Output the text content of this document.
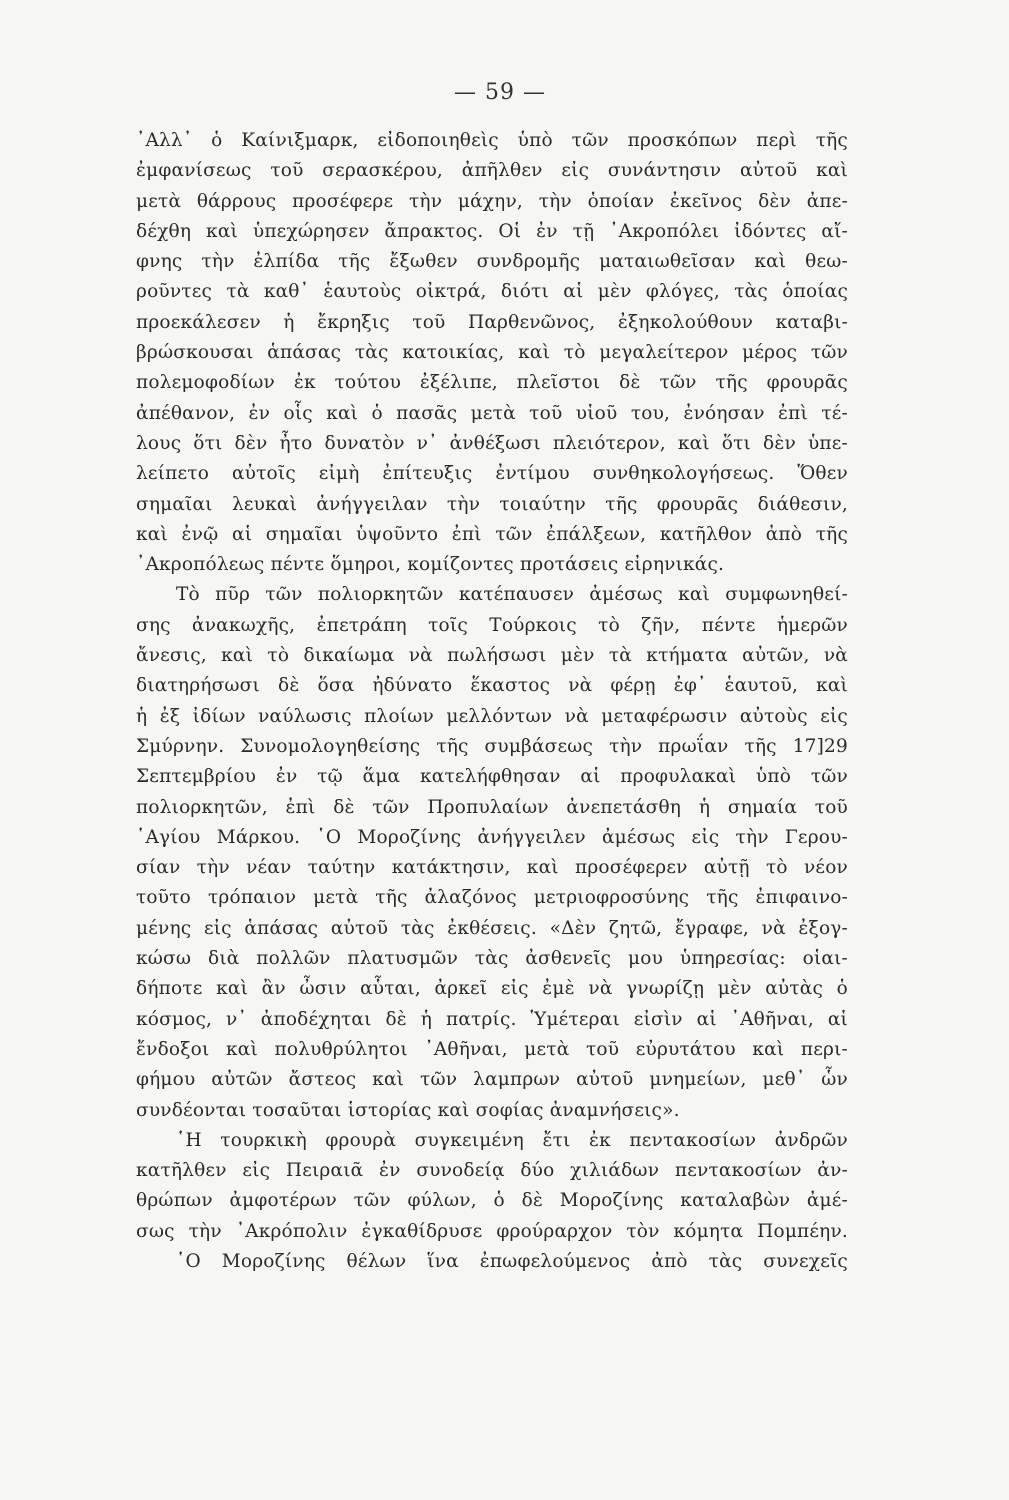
— 59 —
᾿Αλλ᾿ ὁ Καίνιξμαρκ, εἰδοποιηθεὶς ὑπὸ τῶν προσκόπων περὶ τῆς
ἐμφανίσεως τοῦ σερασκέρου, ἀπῆλθεν εἰς συνάντησιν αὐτοῦ καὶ
μετὰ θάρρους προσέφερε τὴν μάχην, τὴν ὁποίαν ἐκεῖνος δὲν ἀπε-
δέχθη καὶ ὑπεχώρησεν ἄπρακτος. Οἱ ἐν τῇ ᾿Ακροπόλει ἰδόντες αἴ-
φνης τὴν ἐλπίδα τῆς ἔξωθεν συνδρομῆς ματαιωθεῖσαν καὶ θεω-
ροῦντες τὰ καθ᾿ ἑαυτοὺς οἰκτρά, διότι αἱ μὲν φλόγες, τὰς ὁποίας
προεκάλεσεν ἡ ἔκρηξις τοῦ Παρθενῶνος, ἐξηκολούθουν καταβι-
βρώσκουσαι ἁπάσας τὰς κατοικίας, καὶ τὸ μεγαλείτερον μέρος τῶν
πολεμοφοδίων ἐκ τούτου ἐξέλιπε, πλεῖστοι δὲ τῶν τῆς φρουρᾶς
ἀπέθανον, ἐν οἷς καὶ ὁ πασᾶς μετὰ τοῦ υἱοῦ του, ἐνόησαν ἐπὶ τέ-
λους ὅτι δὲν ἦτο δυνατὸν ν᾿ ἀνθέξωσι πλειότερον, καὶ ὅτι δὲν ὑπε-
λείπετο αὐτοῖς εἰμὴ ἐπίτευξις ἐντίμου συνθηκολογήσεως. Ὅθεν
σημαῖαι λευκαὶ ἀνήγγειλαν τὴν τοιαύτην τῆς φρουρᾶς διάθεσιν,
καὶ ἐνῷ αἱ σημαῖαι ὑψοῦντο ἐπὶ τῶν ἐπάλξεων, κατῆλθον ἀπὸ τῆς
᾿Ακροπόλεως πέντε ὅμηροι, κομίζοντες προτάσεις εἰρηνικάς.
Τὸ πῦρ τῶν πολιορκητῶν κατέπαυσεν ἀμέσως καὶ συμφωνηθεί-
σης ἀνακωχῆς, ἐπετράπη τοῖς Τούρκοις τὸ ζῆν, πέντε ἡμερῶν
ἄνεσις, καὶ τὸ δικαίωμα νὰ πωλήσωσι μὲν τὰ κτήματα αὐτῶν, νὰ
διατηρήσωσι δὲ ὅσα ἠδύνατο ἕκαστος νὰ φέρῃ ἐφ᾿ ἑαυτοῦ, καὶ
ἡ ἐξ ἰδίων ναύλωσις πλοίων μελλόντων νὰ μεταφέρωσιν αὐτοὺς εἰς
Σμύρνην. Συνομολογηθείσης τῆς συμβάσεως τὴν πρωΐαν τῆς 17]29
Σεπτεμβρίου ἐν τῷ ἅμα κατελήφθησαν αἱ προφυλακαὶ ὑπὸ τῶν
πολιορκητῶν, ἐπὶ δὲ τῶν Προπυλαίων ἀνεπετάσθη ἡ σημαία τοῦ
῾Αγίου Μάρκου. ῾Ο Μοροζίνης ἀνήγγειλεν ἀμέσως εἰς τὴν Γερου-
σίαν τὴν νέαν ταύτην κατάκτησιν, καὶ προσέφερεν αὐτῇ τὸ νέον
τοῦτο τρόπαιον μετὰ τῆς ἀλαζόνος μετριοφροσύνης τῆς ἐπιφαινο-
μένης εἰς ἁπάσας αὐτοῦ τὰς ἐκθέσεις. «Δὲν ζητῶ, ἔγραφε, νὰ ἐξογ-
κώσω διὰ πολλῶν πλατυσμῶν τὰς ἀσθενεῖς μου ὑπηρεσίας: οἱαι-
δήποτε καὶ ἂν ὦσιν αὗται, ἀρκεῖ εἰς ἐμὲ νὰ γνωρίζῃ μὲν αὐτὰς ὁ
κόσμος, ν᾿ ἀποδέχηται δὲ ἡ πατρίς. Ὑμέτεραι εἰσὶν αἱ ᾿Αθῆναι, αἱ
ἔνδοξοι καὶ πολυθρύλητοι ᾿Αθῆναι, μετὰ τοῦ εὐρυτάτου καὶ περι-
φήμου αὐτῶν ἄστεος καὶ τῶν λαμπρων αὐτοῦ μνημείων, μεθ᾿ ὧν
συνδέονται τοσαῦται ἱστορίας καὶ σοφίας ἀναμνήσεις».
῾Η τουρκικὴ φρουρὰ συγκειμένη ἔτι ἐκ πεντακοσίων ἀνδρῶν
κατῆλθεν εἰς Πειραιᾶ ἐν συνοδείᾳ δύο χιλιάδων πεντακοσίων ἀν-
θρώπων ἀμφοτέρων τῶν φύλων, ὁ δὲ Μοροζίνης καταλαβὼν ἀμέ-
σως τὴν ᾿Ακρόπολιν ἐγκαθίδρυσε φρούραρχον τὸν κόμητα Πομπέην.
῾Ο Μοροζίνης θέλων ἵνα ἐπωφελούμενος ἀπὸ τὰς συνεχεῖς
